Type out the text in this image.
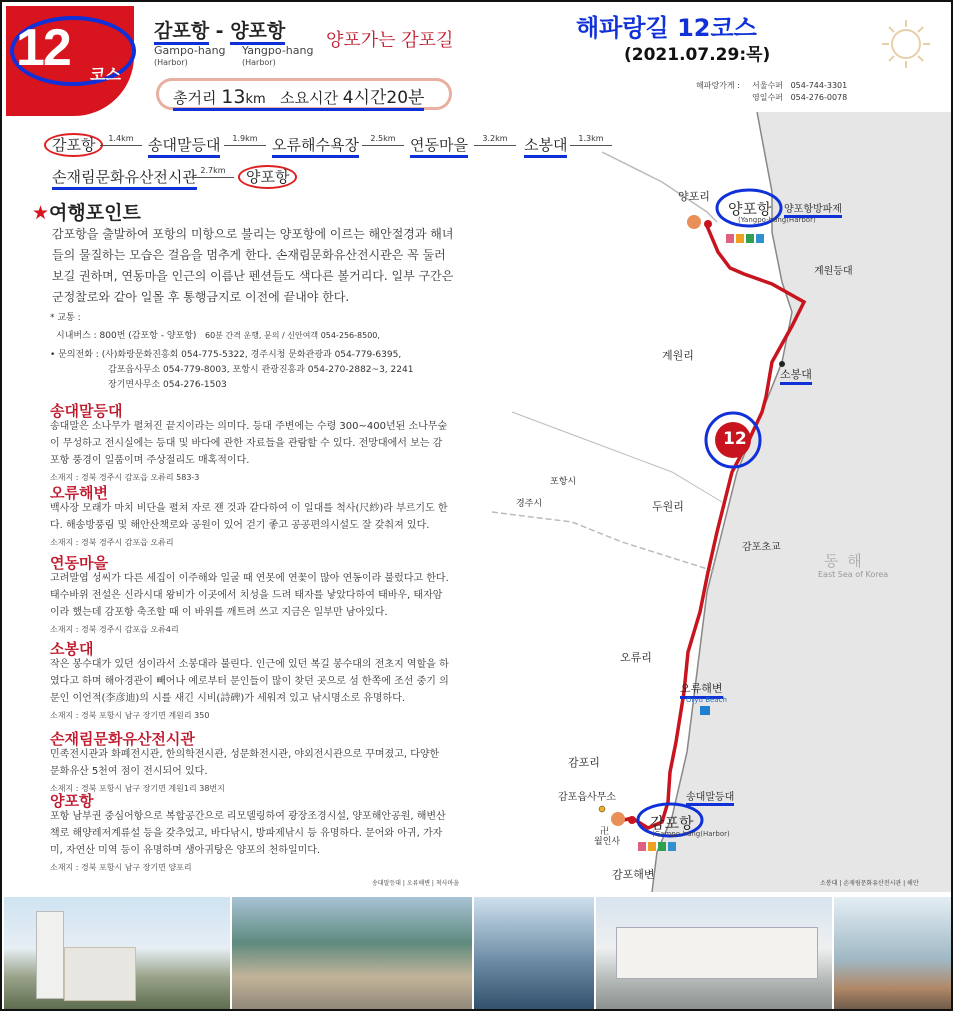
12 코스
감포항 - 양포항
Gampo-hang
(Harbor)
Yangpo-hang
(Harbor)
양포가는 감포길	해파랑길 12코스
(2021.07.29:목)
총거리 13km 소요시간 4시간20분
해파랑가게 : 서울수퍼 054-744-3301
영일수퍼 054-276-0078
감포항	1.4km 송대말등대	1.9km 오류해수욕장	2.5km 연동마을	3.2km	소봉대	1.3km
손재림문화유산전시관 2.7km	양포항
★여행포인트
감포항을 출발하여 포항의 미항으로 불리는 양포항에 이르는 해안절경과 해녀들의 물질하는 모습은 걸음을 멈추게 한다. 손재림문화유산전시관은 꼭 둘러보길 권하며, 연동마을 인근의 이름난 펜션들도 색다른 볼거리다. 일부 구간은 군정찰로와 같아 일몰 후 통행금지로 이전에 끝내야 한다.
* 교통 :
시내버스 : 800번 (감포항 - 양포항) 60분 간격 운행, 문의 / 신안여객 054-256-8500,
• 문의전화 : (사)화랑문화진흥회 054-775-5322, 경주시청 문화관광과 054-779-6395,
감포읍사무소 054-779-8003, 포항시 관광진흥과 054-270-2882~3, 2241
장기면사무소 054-276-1503
송대말등대
송대말은 소나무가 펼쳐진 끝지이라는 의미다. 등대 주변에는 수령 300~400년된 소나무숲이 무성하고 전시실에는 등대 및 바다에 관한 자료들을 관람할 수 있다. 전망대에서 보는 감포항 풍경이 일품이며 주상절리도 매혹적이다.
소재지 : 경북 경주시 감포읍 오류리 583-3
오류해변
백사장 모래가 마치 비단을 펼쳐 자로 잰 것과 같다하여 이 일대를 척사(尺紗)라 부르기도 한다. 해송방풍림 및 해안산책로와 공원이 있어 걷기 좋고 공공편의시설도 잘 갖춰져 있다.
소재지 : 경북 경주시 감포읍 오류리
연동마을
고려말엽 성씨가 다른 세집이 이주해와 일굴 때 연못에 연꽃이 많아 연동이라 불렀다고 한다. 태수바위 전설은 신라시대 왕비가 이곳에서 치성을 드려 태자를 낳았다하여 태바우, 태자암이라 했는데 감포항 축조할 때 이 바위를 깨트려 쓰고 지금은 일부만 남아있다.
소재지 : 경북 경주시 감포읍 오류4리
소봉대
작은 봉수대가 있던 섬이라서 소봉대라 불린다. 인근에 있던 복길 봉수대의 전초지 역할을 하였다고 하며 해아경관이 빼어나 예로부터 문인들이 많이 찾던 곳으로 섬 한쪽에 조선 중기 의 문인 이언적(李彦迪)의 시를 새긴 시비(詩碑)가 세워져 있고 낚시명소로 유명하다.
소재지 : 경북 포항시 남구 장기면 계원리 350
손재림문화유산전시관
민족전시관과 화폐전시관, 한의학전시관, 성문화전시관, 야외전시관으로 꾸며졌고, 다양한 문화유산 5천여 점이 전시되어 있다.
소재지 : 경북 포항시 남구 장기면 계원1리 38번지
양포항
포항 남부권 중심어항으로 복합공간으로 리모델링하여 광장조경시설, 양포해안공원, 해변산책로 해양레저계류설 등을 갖추었고, 바다낚시, 방파제낚시 등 유명하다. 문어와 아귀, 가자미, 자연산 미역 등이 유명하며 생아귀탕은 양포의 천하일미다.
소재지 : 경북 포항시 남구 장기면 양포리
12
동 해
East Sea of Korea
양포리
양포항
(Yangpo-hang(Harbor)
양포항방파제
계원등대
계원리
소봉대
포항시
경주시	두원리
감포초교
오류리
오류해변
Oryu Beach
감포리
감포읍사무소	송대말등대
감포항
(Gampo-hang(Harbor)
卍
월인사
감포해변
송대말등대 | 오류해변 | 척사마을	소봉대 | 손재림문화유산전시관 | 해안
